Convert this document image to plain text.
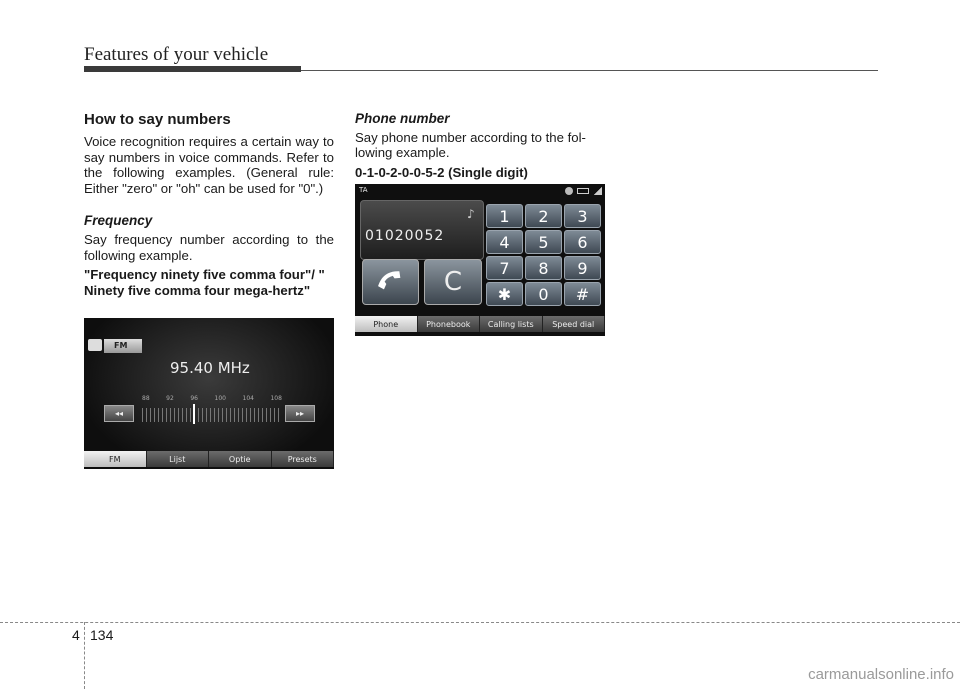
Features of your vehicle
How to say numbers
Voice recognition requires a certain way to say numbers in voice commands. Refer to the following examples. (General rule: Either "zero" or "oh" can be used for "0".)
Frequency
Say frequency number according to the following example.
"Frequency ninety five comma four"/ " Ninety five comma four mega-hertz"
Phone number
Say phone number according to the fol- lowing example.
0-1-0-2-0-0-5-2 (Single digit)
FM
95.40 MHz
88	92	96	100	104	108
◂◂	▸▸
FM	Lijst	Optie	Presets
TA
01020052
♪
C
1	2	3
4	5	6
7	8	9
✱	0	#
Phone	Phonebook	Calling lists	Speed dial
4 134
carmanualsonline.info
